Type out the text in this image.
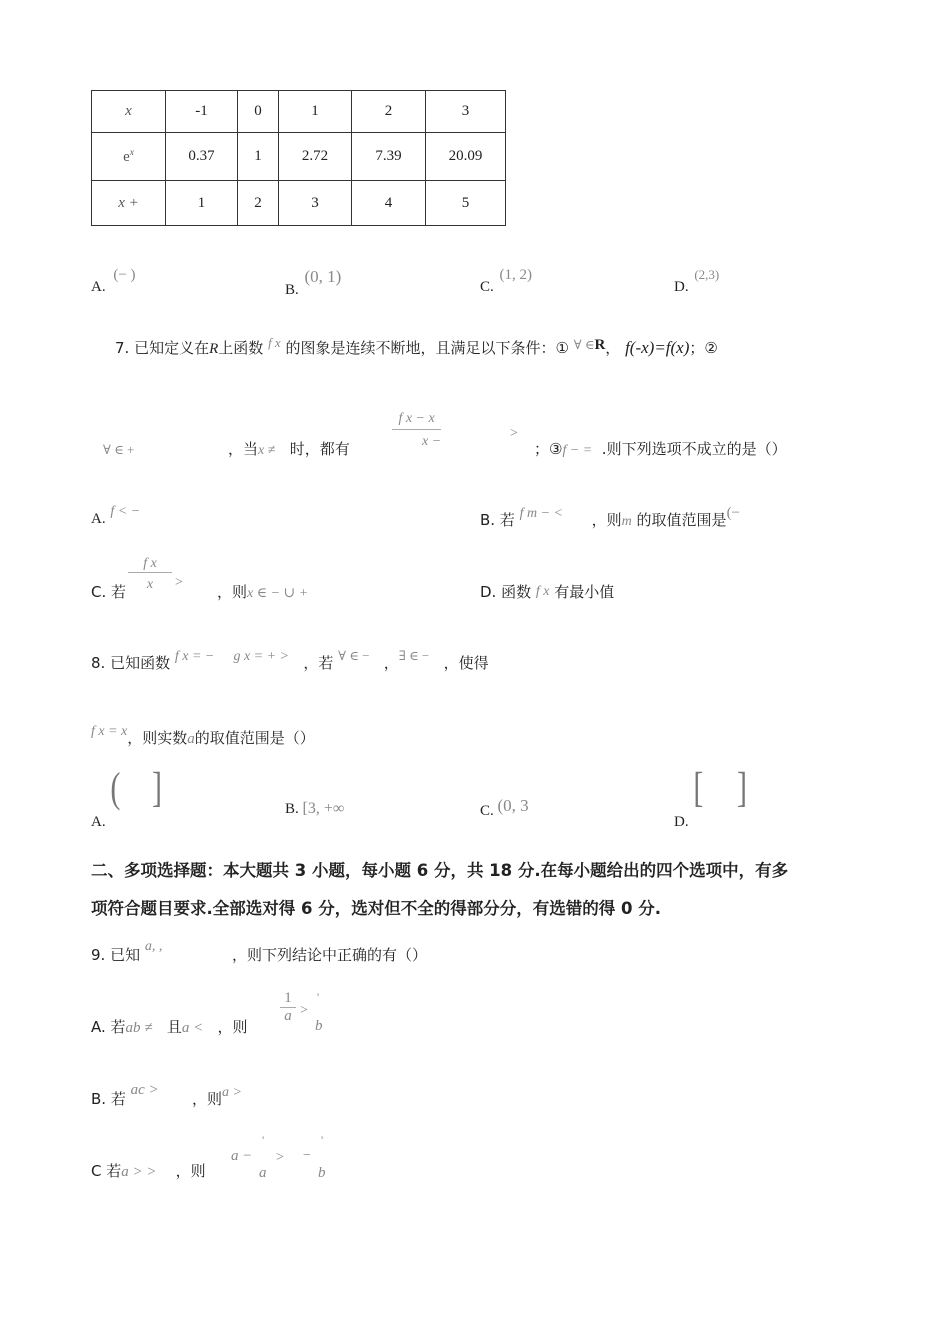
x	-1	0	1	2	3
$e^x$	0.37	1	2.72	7.39	20.09
x +	1	2	3	4	5
A. (− )
B. (0, 1)
C. (1, 2)
D. (2,3)
7. 已知定义在R上函数 f x 的图象是连续不断地，且满足以下条件：① ∀ ∈R， f(-x)=f(x)；②
∀ ∈ +	，当x ≠ 时，都有	$\frac{\text{f x − x}}{x -}$	>
；③f − = .则下列选项不成立的是（）
A. f < −	B. 若 f m − < ，则m 的取值范围是(−
C. 若 $\frac{\text{f x}}{x}$ >
，则x ∈ − ∪ +	D. 函数 f x 有最小值
8. 已知函数 f x = − g x = + > ，若 ∀ ∈ −   ，∃ ∈ − ，使得
f x = x，则实数a的取值范围是（）
A. ( ]	B. [3, +∞	C. (0, 3
D. [ ]
二、多项选择题：本大题共 3 小题，每小题 6 分，共 18 分.在每小题给出的四个选项中，有多
项符合题目要求.全部选对得 6 分，选对但不全的得部分分，有选错的得 0 分.
9. 已知 a, ,	，则下列结论中正确的有（）
A. 若ab ≠ 且a < ，则
$\frac{1}{a}$ >
b
'
B. 若 ac > ，则a >
C 若a > > ，则
a −
a
'
> −
b
'
